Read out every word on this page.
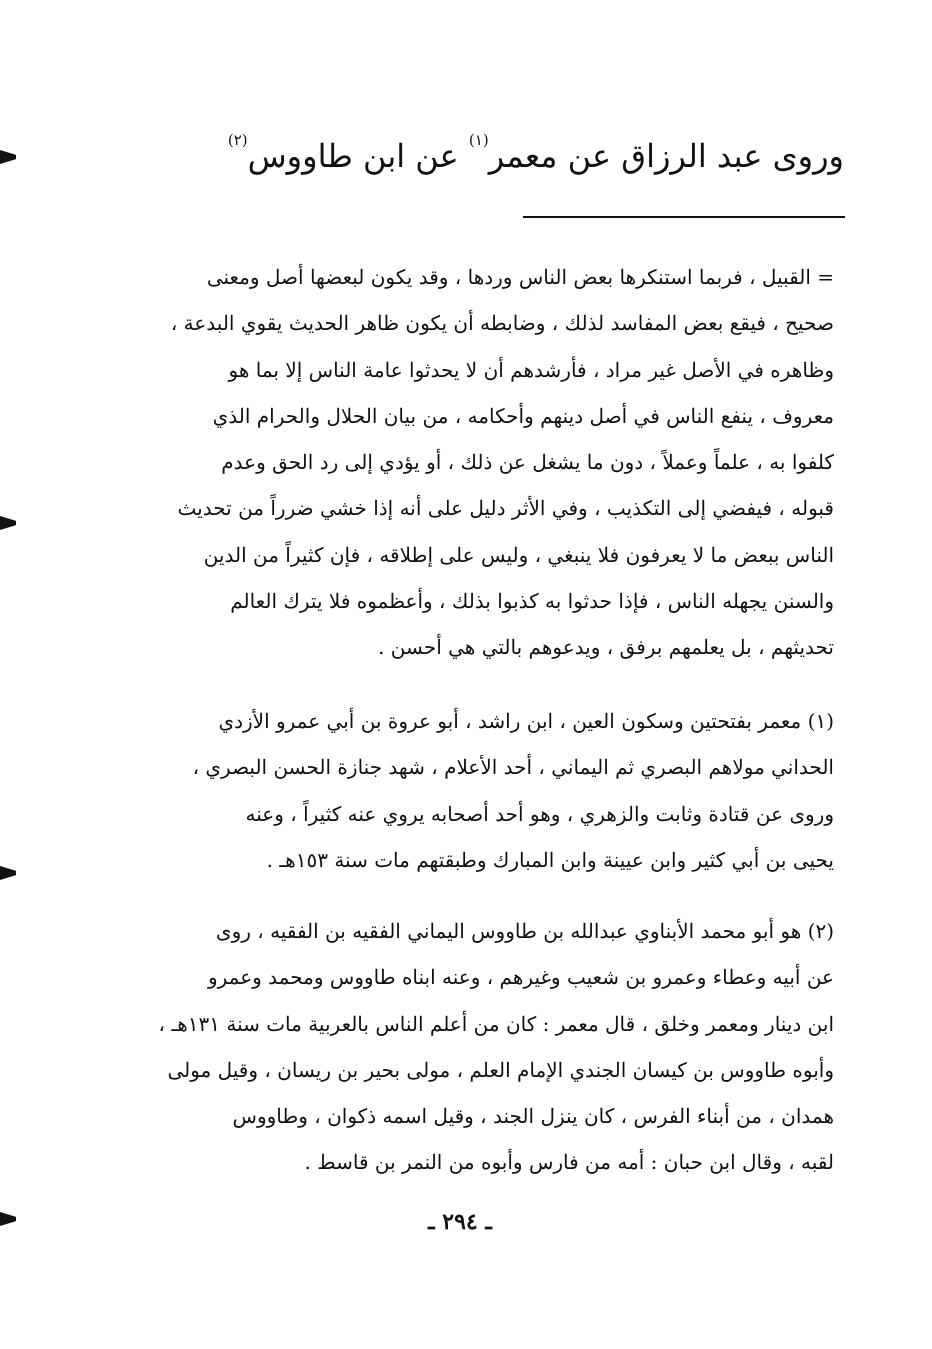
وروى عبد الرزاق عن معمر$^{(١)}$ عن ابن طاووس$^{(٢)}$
= القبيل ، فربما استنكرها بعض الناس وردها ، وقد يكون لبعضها أصل ومعنى
صحيح ، فيقع بعض المفاسد لذلك ، وضابطه أن يكون ظاهر الحديث يقوي البدعة ،
وظاهره في الأصل غير مراد ، فأرشدهم أن لا يحدثوا عامة الناس إلا بما هو
معروف ، ينفع الناس في أصل دينهم وأحكامه ، من بيان الحلال والحرام الذي
كلفوا به ، علماً وعملاً ، دون ما يشغل عن ذلك ، أو يؤدي إلى رد الحق وعدم
قبوله ، فيفضي إلى التكذيب ، وفي الأثر دليل على أنه إذا خشي ضرراً من تحديث
الناس ببعض ما لا يعرفون فلا ينبغي ، وليس على إطلاقه ، فإن كثيراً من الدين
والسنن يجهله الناس ، فإذا حدثوا به كذبوا بذلك ، وأعظموه فلا يترك العالم
تحديثهم ، بل يعلمهم برفق ، ويدعوهم بالتي هي أحسن .
(١) معمر بفتحتين وسكون العين ، ابن راشد ، أبو عروة بن أبي عمرو الأزدي
الحداني مولاهم البصري ثم اليماني ، أحد الأعلام ، شهد جنازة الحسن البصري ،
وروى عن قتادة وثابت والزهري ، وهو أحد أصحابه يروي عنه كثيراً ، وعنه
يحيى بن أبي كثير وابن عيينة وابن المبارك وطبقتهم مات سنة ١٥٣هـ .
(٢) هو أبو محمد الأبناوي عبدالله بن طاووس اليماني الفقيه بن الفقيه ، روى
عن أبيه وعطاء وعمرو بن شعيب وغيرهم ، وعنه ابناه طاووس ومحمد وعمرو
ابن دينار ومعمر وخلق ، قال معمر : كان من أعلم الناس بالعربية مات سنة ١٣١هـ ،
وأبوه طاووس بن كيسان الجندي الإمام العلم ، مولى بحير بن ريسان ، وقيل مولى
همدان ، من أبناء الفرس ، كان ينزل الجند ، وقيل اسمه ذكوان ، وطاووس
لقبه ، وقال ابن حبان : أمه من فارس وأبوه من النمر بن قاسط .
ـ ٢٩٤ ـ
